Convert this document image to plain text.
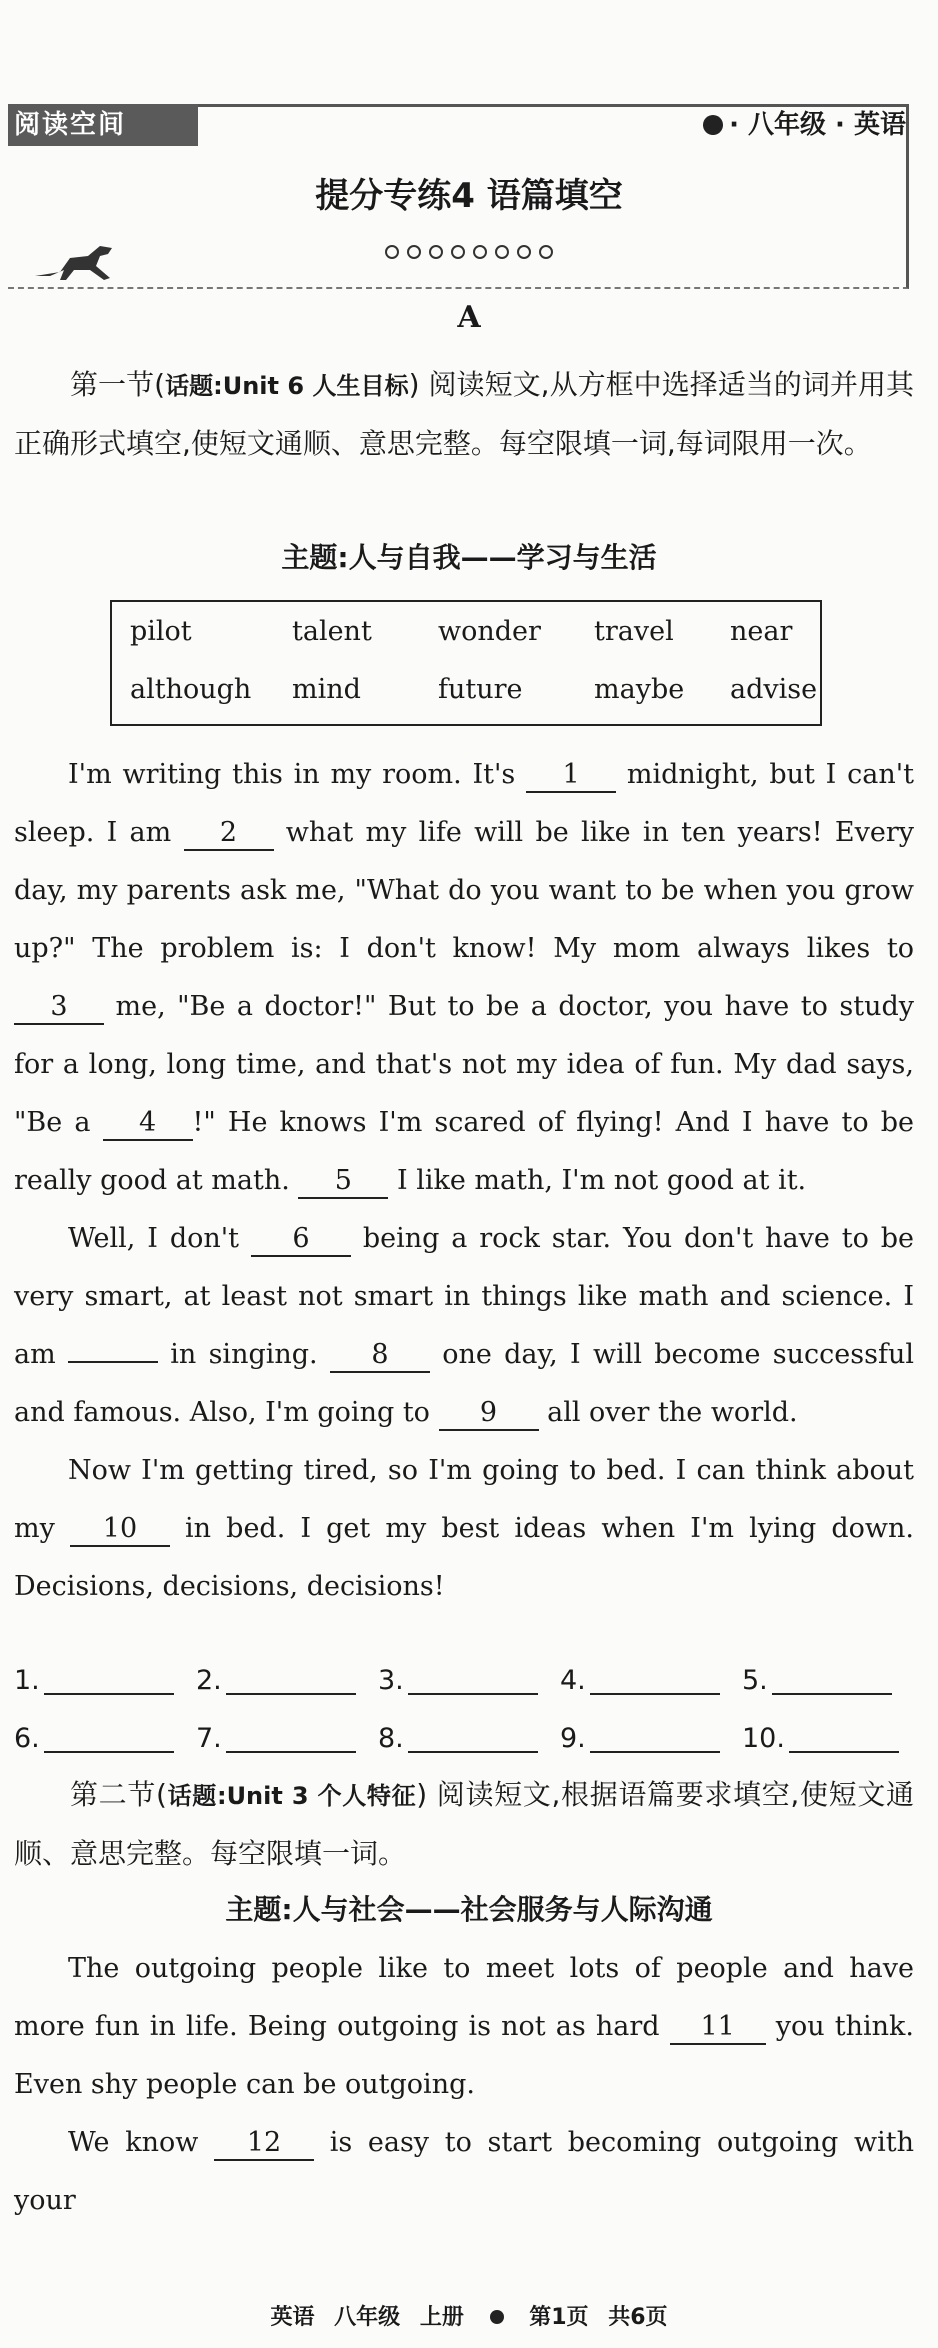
阅读空间	· 八年级 · 英语
提分专练4 语篇填空
A
第一节(话题:Unit 6 人生目标) 阅读短文,从方框中选择适当的词并用其正确形式填空,使短文通顺、意思完整。每空限填一词,每词限用一次。
主题:人与自我——学习与生活
pilot	talent wonder travel near
although mind	future	maybe advise
I'm writing this in my room. It's 1 midnight, but I can't sleep. I am 2 what my life will be like in ten years! Every day, my parents ask me, "What do you want to be when you grow up?" The problem is: I don't know! My mom always likes to 3 me, "Be a doctor!" But to be a doctor, you have to study for a long, long time, and that's not my idea of fun. My dad says, "Be a 4 !" He knows I'm scared of flying! And I have to be really good at math. 5 I like math, I'm not good at it.
Well, I don't 6 being a rock star. You don't have to be very smart, at least not smart in things like math and science. I am	in singing. 8 one day, I will become successful and famous. Also, I'm going to 9 all over the world.
Now I'm getting tired, so I'm going to bed. I can think about my 10 in bed. I get my best ideas when I'm lying down. Decisions, decisions, decisions!
1.	2.	3.	4.	5.
6.	7.	8.	9.	10.
第二节(话题:Unit 3 个人特征) 阅读短文,根据语篇要求填空,使短文通顺、意思完整。每空限填一词。
主题:人与社会——社会服务与人际沟通
The outgoing people like to meet lots of people and have more fun in life. Being outgoing is not as hard 11 you think. Even shy people can be outgoing.
We know 12 is easy to start becoming outgoing with your
英语 八年级 上册	第1页 共6页
